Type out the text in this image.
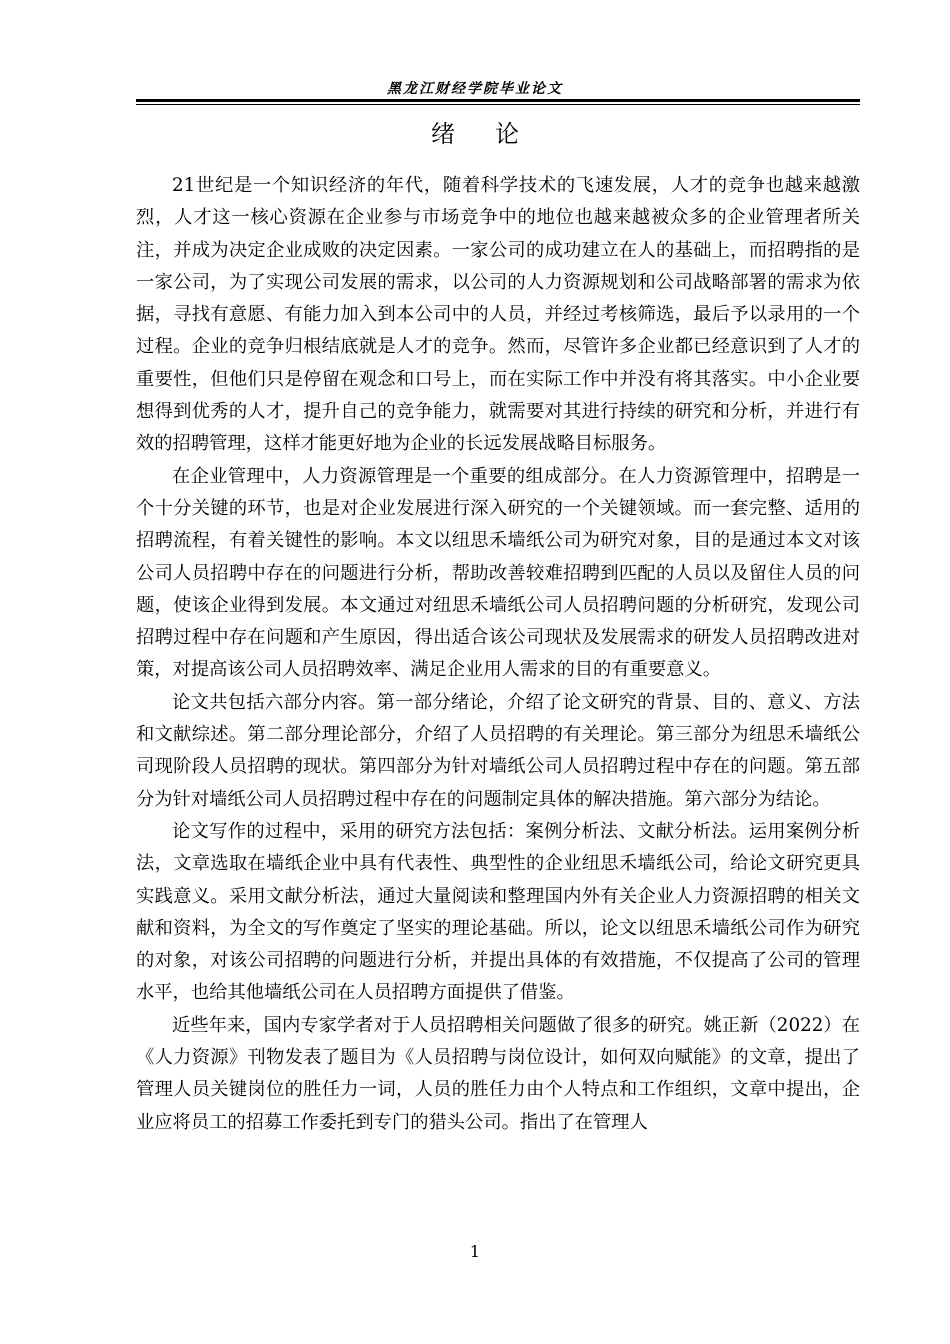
黑龙江财经学院毕业论文
绪论

21世纪是一个知识经济的年代，随着科学技术的飞速发展，人才的竞争也越来越激烈，人才这一核心资源在企业参与市场竞争中的地位也越来越被众多的企业管理者所关注，并成为决定企业成败的决定因素。一家公司的成功建立在人的基础上，而招聘指的是一家公司，为了实现公司发展的需求，以公司的人力资源规划和公司战略部署的需求为依据，寻找有意愿、有能力加入到本公司中的人员，并经过考核筛选，最后予以录用的一个过程。企业的竞争归根结底就是人才的竞争。然而，尽管许多企业都已经意识到了人才的重要性，但他们只是停留在观念和口号上，而在实际工作中并没有将其落实。中小企业要想得到优秀的人才，提升自己的竞争能力，就需要对其进行持续的研究和分析，并进行有效的招聘管理，这样才能更好地为企业的长远发展战略目标服务。

在企业管理中，人力资源管理是一个重要的组成部分。在人力资源管理中，招聘是一个十分关键的环节，也是对企业发展进行深入研究的一个关键领域。而一套完整、适用的招聘流程，有着关键性的影响。本文以纽思禾墙纸公司为研究对象，目的是通过本文对该公司人员招聘中存在的问题进行分析，帮助改善较难招聘到匹配的人员以及留住人员的问题，使该企业得到发展。本文通过对纽思禾墙纸公司人员招聘问题的分析研究，发现公司招聘过程中存在问题和产生原因，得出适合该公司现状及发展需求的研发人员招聘改进对策，对提高该公司人员招聘效率、满足企业用人需求的目的有重要意义。

论文共包括六部分内容。第一部分绪论，介绍了论文研究的背景、目的、意义、方法和文献综述。第二部分理论部分，介绍了人员招聘的有关理论。第三部分为纽思禾墙纸公司现阶段人员招聘的现状。第四部分为针对墙纸公司人员招聘过程中存在的问题。第五部分为针对墙纸公司人员招聘过程中存在的问题制定具体的解决措施。第六部分为结论。

论文写作的过程中，采用的研究方法包括：案例分析法、文献分析法。运用案例分析法，文章选取在墙纸企业中具有代表性、典型性的企业纽思禾墙纸公司，给论文研究更具实践意义。采用文献分析法，通过大量阅读和整理国内外有关企业人力资源招聘的相关文献和资料，为全文的写作奠定了坚实的理论基础。所以，论文以纽思禾墙纸公司作为研究的对象，对该公司招聘的问题进行分析，并提出具体的有效措施，不仅提高了公司的管理水平，也给其他墙纸公司在人员招聘方面提供了借鉴。

近些年来，国内专家学者对于人员招聘相关问题做了很多的研究。姚正新（2022）在《人力资源》刊物发表了题目为《人员招聘与岗位设计，如何双向赋能》的文章，提出了管理人员关键岗位的胜任力一词，人员的胜任力由个人特点和工作组织，文章中提出，企业应将员工的招募工作委托到专门的猎头公司。指出了在管理人

1
